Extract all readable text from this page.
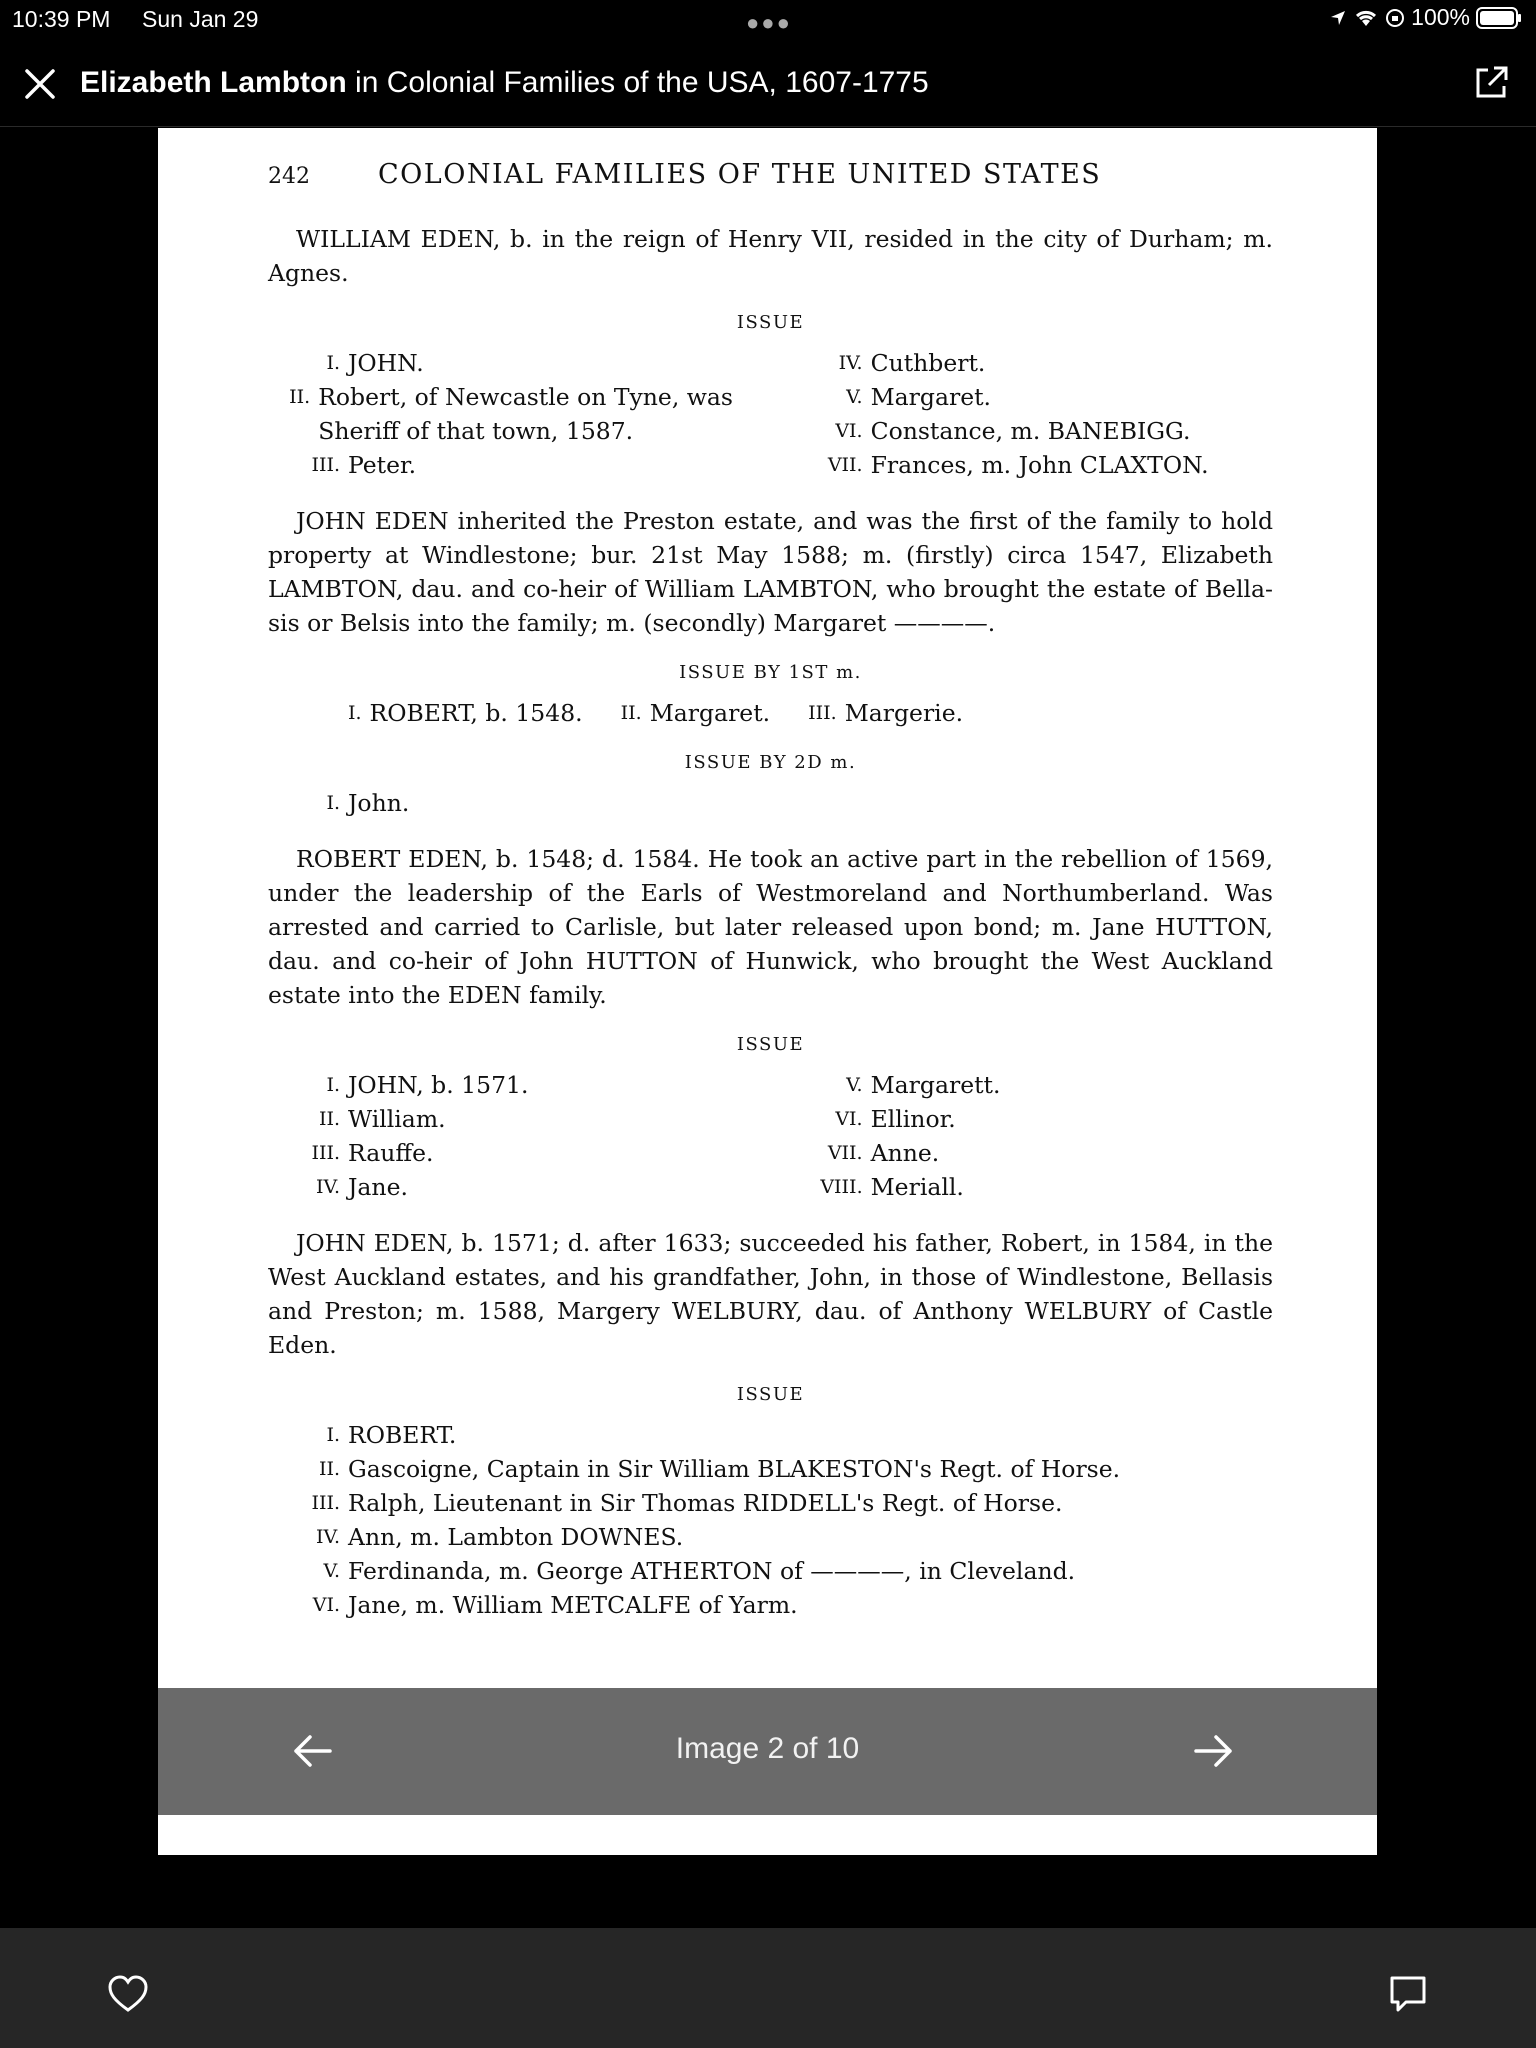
10:39 PM Sun Jan 29	●●●	100%
Elizabeth Lambton in Colonial Families of the USA, 1607-1775
242	COLONIAL FAMILIES OF THE UNITED STATES

WILLIAM EDEN, b. in the reign of Henry VII, resided in the city of Durham; m. Agnes.

ISSUE
I. JOHN.
II. Robert, of Newcastle on Tyne, was Sheriff of that town, 1587.
III. Peter.
IV. Cuthbert.
V. Margaret.
VI. Constance, m. BANEBIGG.
VII. Frances, m. John CLAXTON.

JOHN EDEN inherited the Preston estate, and was the first of the family to hold property at Windlestone; bur. 21st May 1588; m. (firstly) circa 1547, Elizabeth LAMBTON, dau. and co-heir of William LAMBTON, who brought the estate of Bella-sis or Belsis into the family; m. (secondly) Margaret ————.

ISSUE BY 1ST m.
I. ROBERT, b. 1548. II. Margaret. III. Margerie.
ISSUE BY 2D m.
I. John.

ROBERT EDEN, b. 1548; d. 1584. He took an active part in the rebellion of 1569, under the leadership of the Earls of Westmoreland and Northumberland. Was arrested and carried to Carlisle, but later released upon bond; m. Jane HUTTON, dau. and co-heir of John HUTTON of Hunwick, who brought the West Auckland estate into the EDEN family.

ISSUE
I. JOHN, b. 1571.
II. William.
III. Rauffe.
IV. Jane.
V. Margarett.
VI. Ellinor.
VII. Anne.
VIII. Meriall.

JOHN EDEN, b. 1571; d. after 1633; succeeded his father, Robert, in 1584, in the West Auckland estates, and his grandfather, John, in those of Windlestone, Bellasis and Preston; m. 1588, Margery WELBURY, dau. of Anthony WELBURY of Castle Eden.

ISSUE
I. ROBERT.
II. Gascoigne, Captain in Sir William BLAKESTON's Regt. of Horse.
III. Ralph, Lieutenant in Sir Thomas RIDDELL's Regt. of Horse.
IV. Ann, m. Lambton DOWNES.
V. Ferdinanda, m. George ATHERTON of ————, in Cleveland.
VI. Jane, m. William METCALFE of Yarm.
Image 2 of 10
